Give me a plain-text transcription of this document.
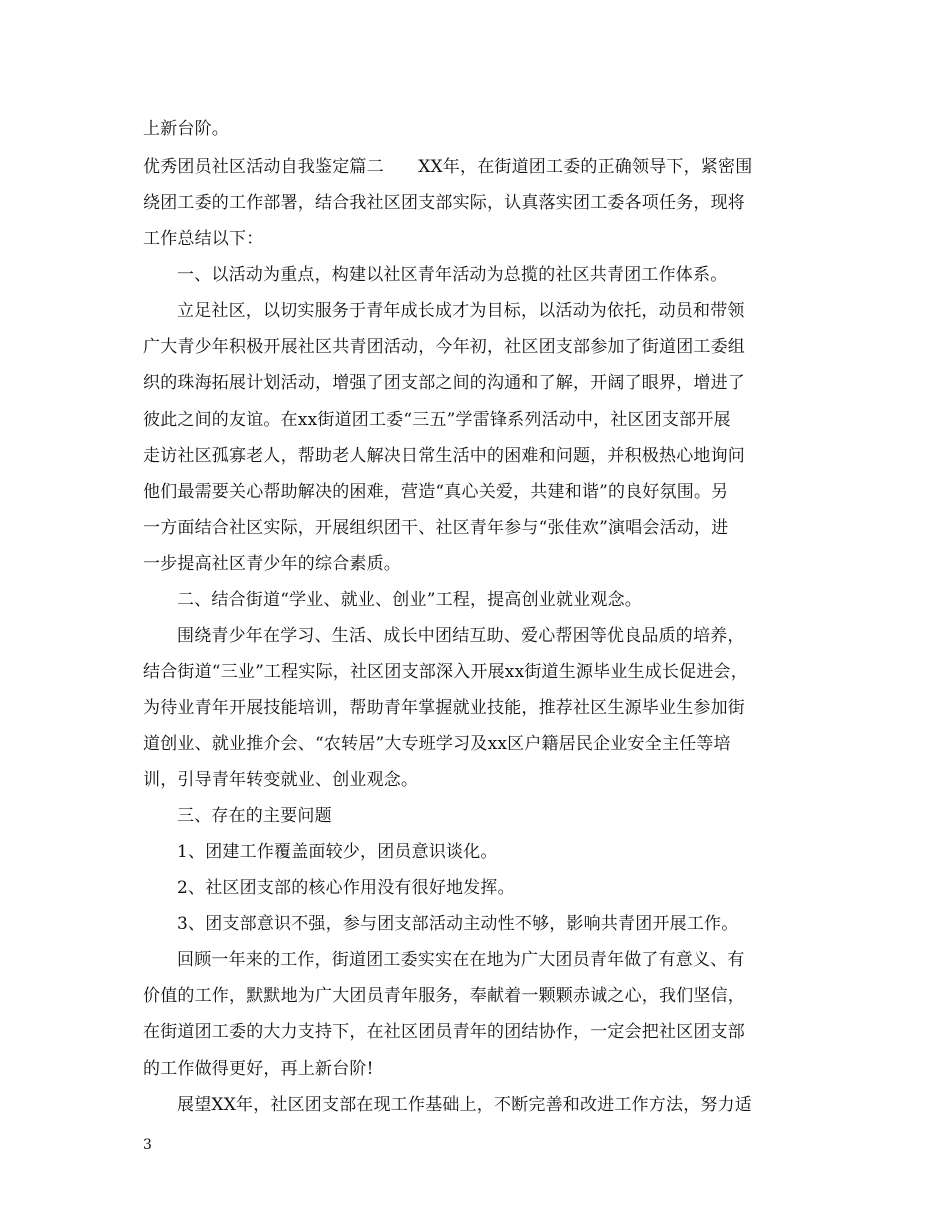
上新台阶。
优秀团员社区活动自我鉴定篇二　　XX年，在街道团工委的正确领导下，紧密围
绕团工委的工作部署，结合我社区团支部实际，认真落实团工委各项任务，现将
工作总结以下：
一、以活动为重点，构建以社区青年活动为总揽的社区共青团工作体系。
立足社区，以切实服务于青年成长成才为目标，以活动为依托，动员和带领
广大青少年积极开展社区共青团活动，今年初，社区团支部参加了街道团工委组
织的珠海拓展计划活动，增强了团支部之间的沟通和了解，开阔了眼界，增进了
彼此之间的友谊。在xx街道团工委“三五”学雷锋系列活动中，社区团支部开展
走访社区孤寡老人，帮助老人解决日常生活中的困难和问题，并积极热心地询问
他们最需要关心帮助解决的困难，营造“真心关爱，共建和谐”的良好氛围。另
一方面结合社区实际，开展组织团干、社区青年参与“张佳欢”演唱会活动，进
一步提高社区青少年的综合素质。
二、结合街道“学业、就业、创业”工程，提高创业就业观念。
围绕青少年在学习、生活、成长中团结互助、爱心帮困等优良品质的培养，
结合街道“三业”工程实际，社区团支部深入开展xx街道生源毕业生成长促进会，
为待业青年开展技能培训，帮助青年掌握就业技能，推荐社区生源毕业生参加街
道创业、就业推介会、“农转居”大专班学习及xx区户籍居民企业安全主任等培
训，引导青年转变就业、创业观念。
三、存在的主要问题
1、团建工作覆盖面较少，团员意识谈化。
2、社区团支部的核心作用没有很好地发挥。
3、团支部意识不强，参与团支部活动主动性不够，影响共青团开展工作。
回顾一年来的工作，街道团工委实实在在地为广大团员青年做了有意义、有
价值的工作，默默地为广大团员青年服务，奉献着一颗颗赤诚之心，我们坚信，
在街道团工委的大力支持下，在社区团员青年的团结协作，一定会把社区团支部
的工作做得更好，再上新台阶!
展望XX年，社区团支部在现工作基础上，不断完善和改进工作方法，努力适
3
